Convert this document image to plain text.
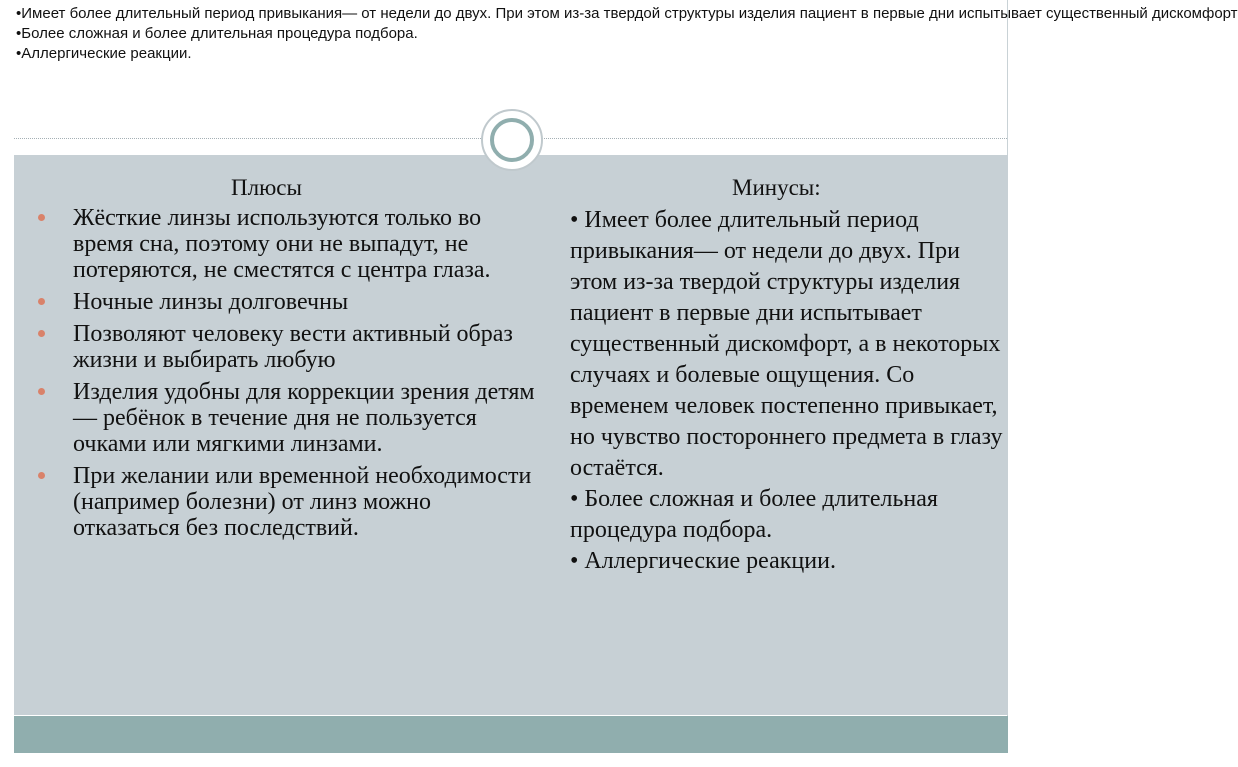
•Имеет более длительный период привыкания— от недели до двух. При этом из-за твердой структуры изделия пациент в первые дни испытывает существенный дискомфорт
•Более сложная и более длительная процедура подбора.
•Аллергические реакции.
Плюсы
Жёсткие линзы используются только во время сна, поэтому они не выпадут, не потеряются, не сместятся с центра глаза.
Ночные линзы долговечны
Позволяют человеку вести активный образ жизни и выбирать любую
Изделия удобны для коррекции зрения детям — ребёнок в течение дня не пользуется очками или мягкими линзами.
При желании или временной необходимости (например болезни) от линз можно отказаться без последствий.
Минусы:

• Имеет более длительный период привыкания— от недели до двух. При этом из-за твердой структуры изделия пациент в первые дни испытывает существенный дискомфорт, а в некоторых случаях и болевые ощущения. Со временем человек постепенно привыкает, но чувство постороннего предмета в глазу остаётся.

• Более сложная и более длительная процедура подбора.

• Аллергические реакции.
